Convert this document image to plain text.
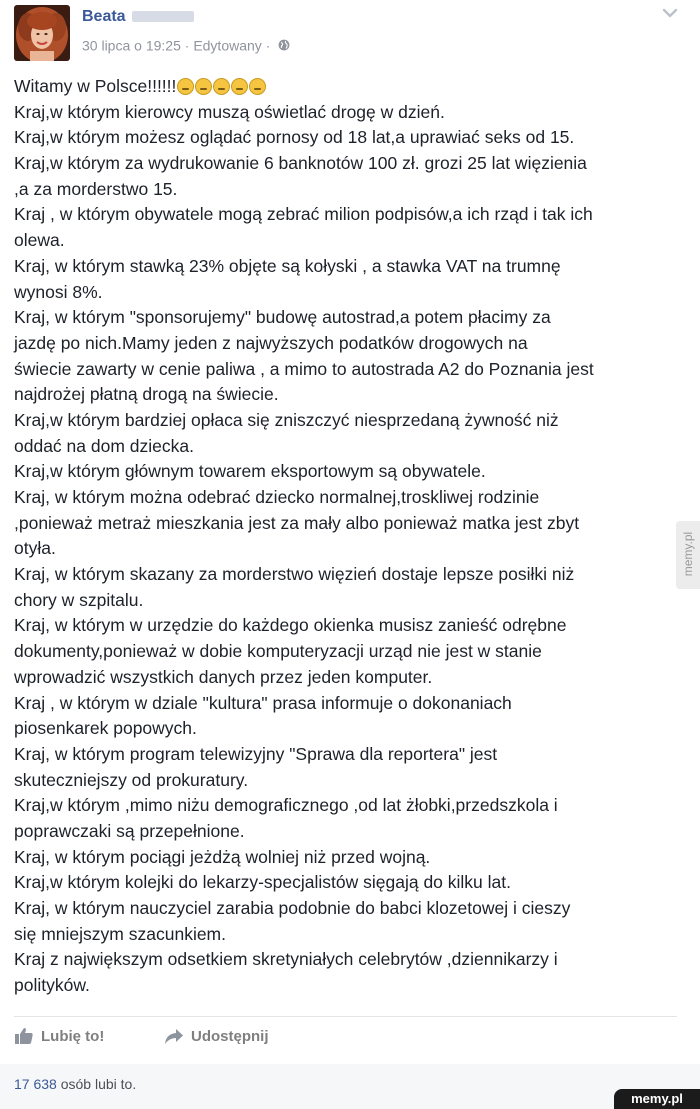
Beata
30 lipca o 19:25 · Edytowany ·
Witamy w Polsce!!!!!!
Kraj,w którym kierowcy muszą oświetlać drogę w dzień.
Kraj,w którym możesz oglądać pornosy od 18 lat,a uprawiać seks od 15.
Kraj,w którym za wydrukowanie 6 banknotów 100 zł. grozi 25 lat więzienia
,a za morderstwo 15.
Kraj , w którym obywatele mogą zebrać milion podpisów,a ich rząd i tak ich
olewa.
Kraj, w którym stawką 23% objęte są kołyski , a stawka VAT na trumnę
wynosi 8%.
Kraj, w którym "sponsorujemy" budowę autostrad,a potem płacimy za
jazdę po nich.Mamy jeden z najwyższych podatków drogowych na
świecie zawarty w cenie paliwa , a mimo to autostrada A2 do Poznania jest
najdrożej płatną drogą na świecie.
Kraj,w którym bardziej opłaca się zniszczyć niesprzedaną żywność niż
oddać na dom dziecka.
Kraj,w którym głównym towarem eksportowym są obywatele.
Kraj, w którym można odebrać dziecko normalnej,troskliwej rodzinie
,ponieważ metraż mieszkania jest za mały albo ponieważ matka jest zbyt
otyła.
Kraj, w którym skazany za morderstwo więzień dostaje lepsze posiłki niż
chory w szpitalu.
Kraj, w którym w urzędzie do każdego okienka musisz zanieść odrębne
dokumenty,ponieważ w dobie komputeryzacji urząd nie jest w stanie
wprowadzić wszystkich danych przez jeden komputer.
Kraj , w którym w dziale "kultura" prasa informuje o dokonaniach
piosenkarek popowych.
Kraj, w którym program telewizyjny "Sprawa dla reportera" jest
skuteczniejszy od prokuratury.
Kraj,w którym ,mimo niżu demograficznego ,od lat żłobki,przedszkola i
poprawczaki są przepełnione.
Kraj, w którym pociągi jeżdżą wolniej niż przed wojną.
Kraj,w którym kolejki do lekarzy-specjalistów sięgają do kilku lat.
Kraj, w którym nauczyciel zarabia podobnie do babci klozetowej i cieszy
się mniejszym szacunkiem.
Kraj z największym odsetkiem skretyniałych celebrytów ,dziennikarzy i
polityków.
Lubię to!	Udostępnij
17 638 osób lubi to.
memy.pl
memy.pl
